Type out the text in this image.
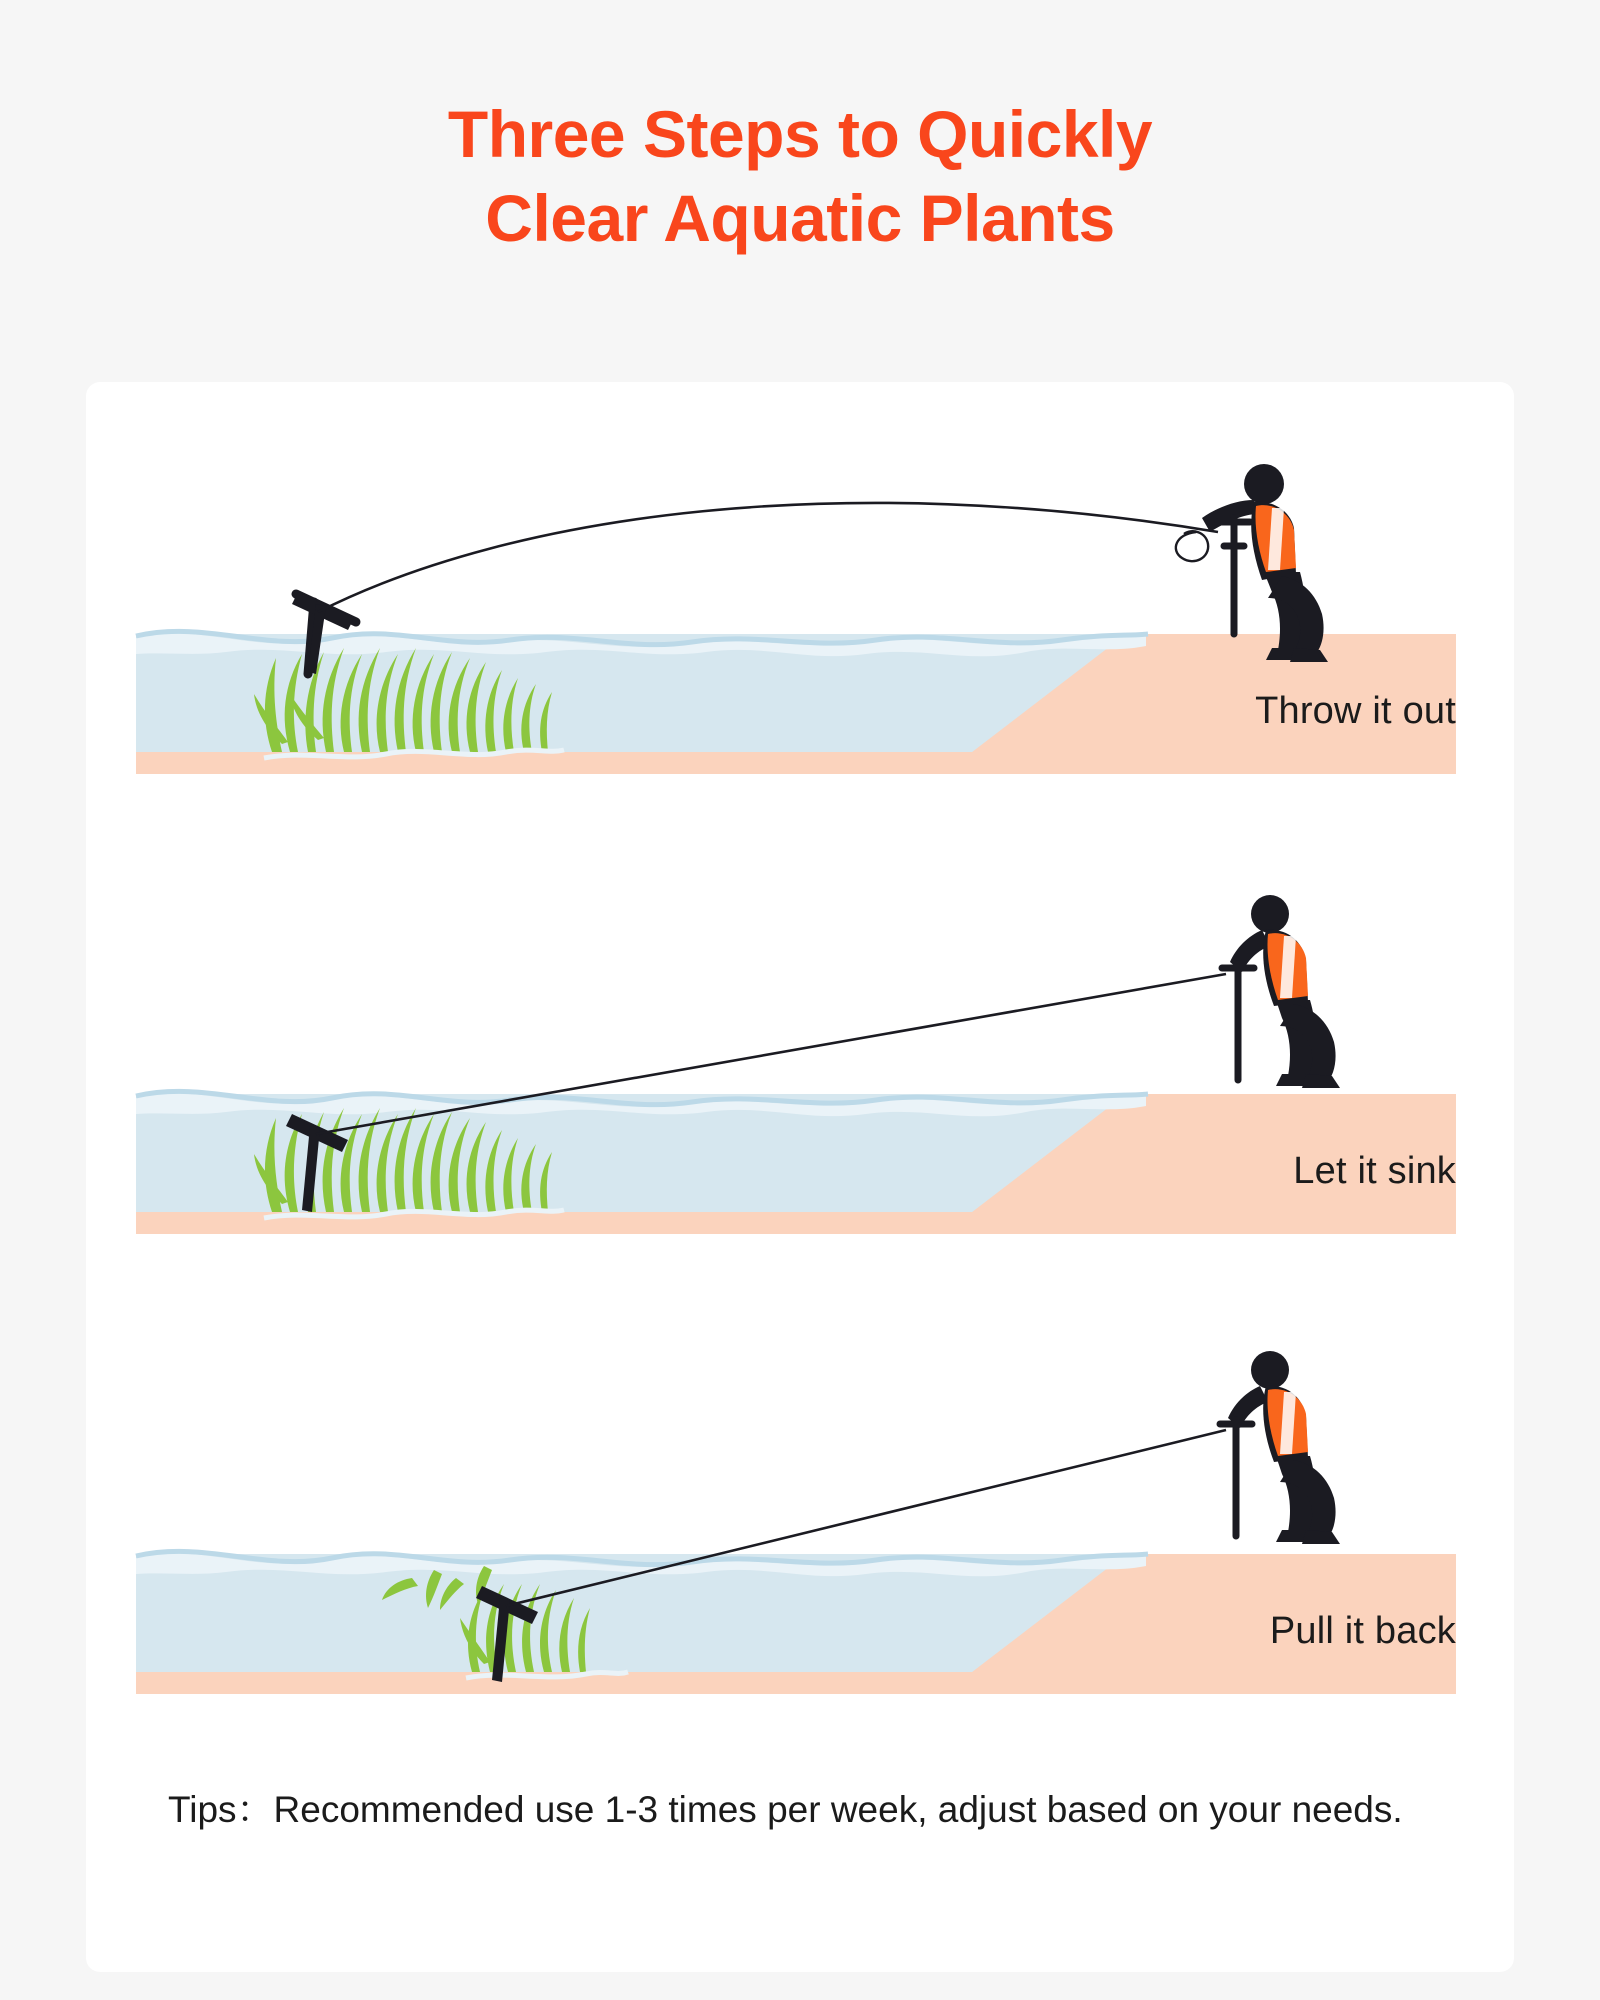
Three Steps to Quickly
Clear Aquatic Plants
Throw it out
Let it sink
Pull it back
Tips：Recommended use 1-3 times per week, adjust based on your needs.
